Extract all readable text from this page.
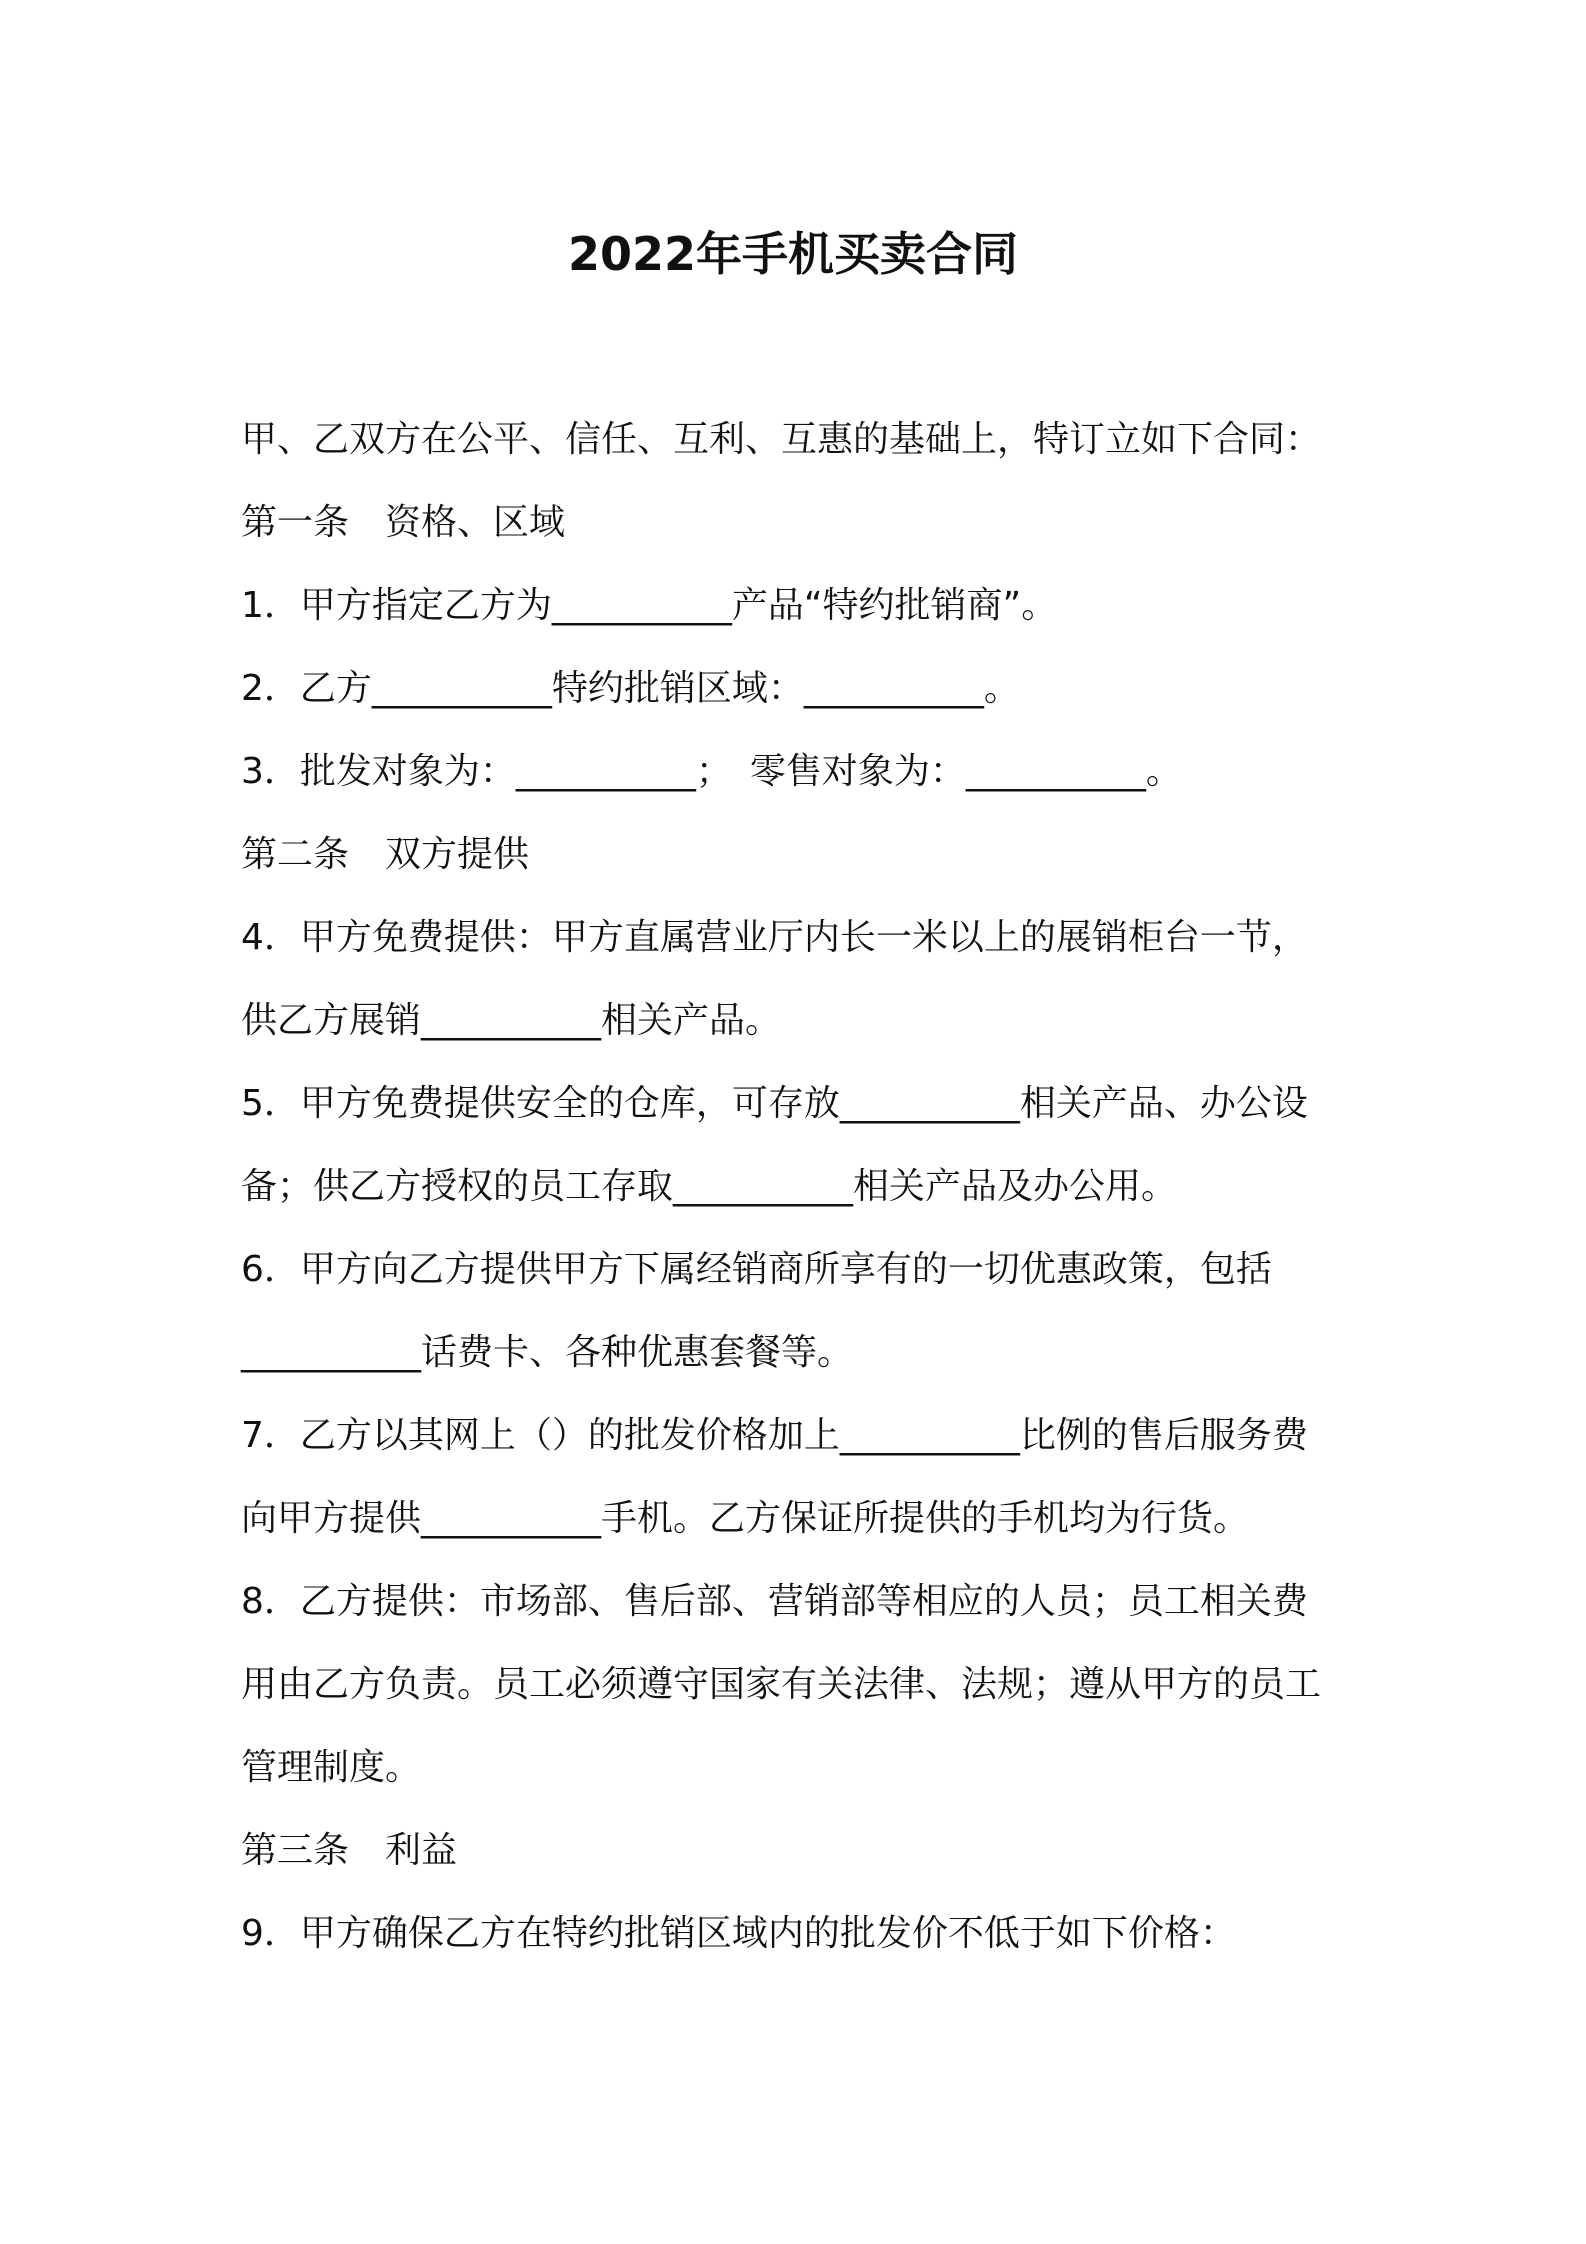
2022年手机买卖合同
甲、乙双方在公平、信任、互利、互惠的基础上，特订立如下合同：
第一条　资格、区域
1．甲方指定乙方为__________产品“特约批销商”。
2．乙方__________特约批销区域：__________。
3．批发对象为：__________；　零售对象为：__________。
第二条　双方提供
4．甲方免费提供：甲方直属营业厅内长一米以上的展销柜台一节，
供乙方展销__________相关产品。
5．甲方免费提供安全的仓库，可存放__________相关产品、办公设
备；供乙方授权的员工存取__________相关产品及办公用。
6．甲方向乙方提供甲方下属经销商所享有的一切优惠政策，包括
__________话费卡、各种优惠套餐等。
7．乙方以其网上（）的批发价格加上__________比例的售后服务费
向甲方提供__________手机。乙方保证所提供的手机均为行货。
8．乙方提供：市场部、售后部、营销部等相应的人员；员工相关费
用由乙方负责。员工必须遵守国家有关法律、法规；遵从甲方的员工
管理制度。
第三条　利益
9．甲方确保乙方在特约批销区域内的批发价不低于如下价格：
